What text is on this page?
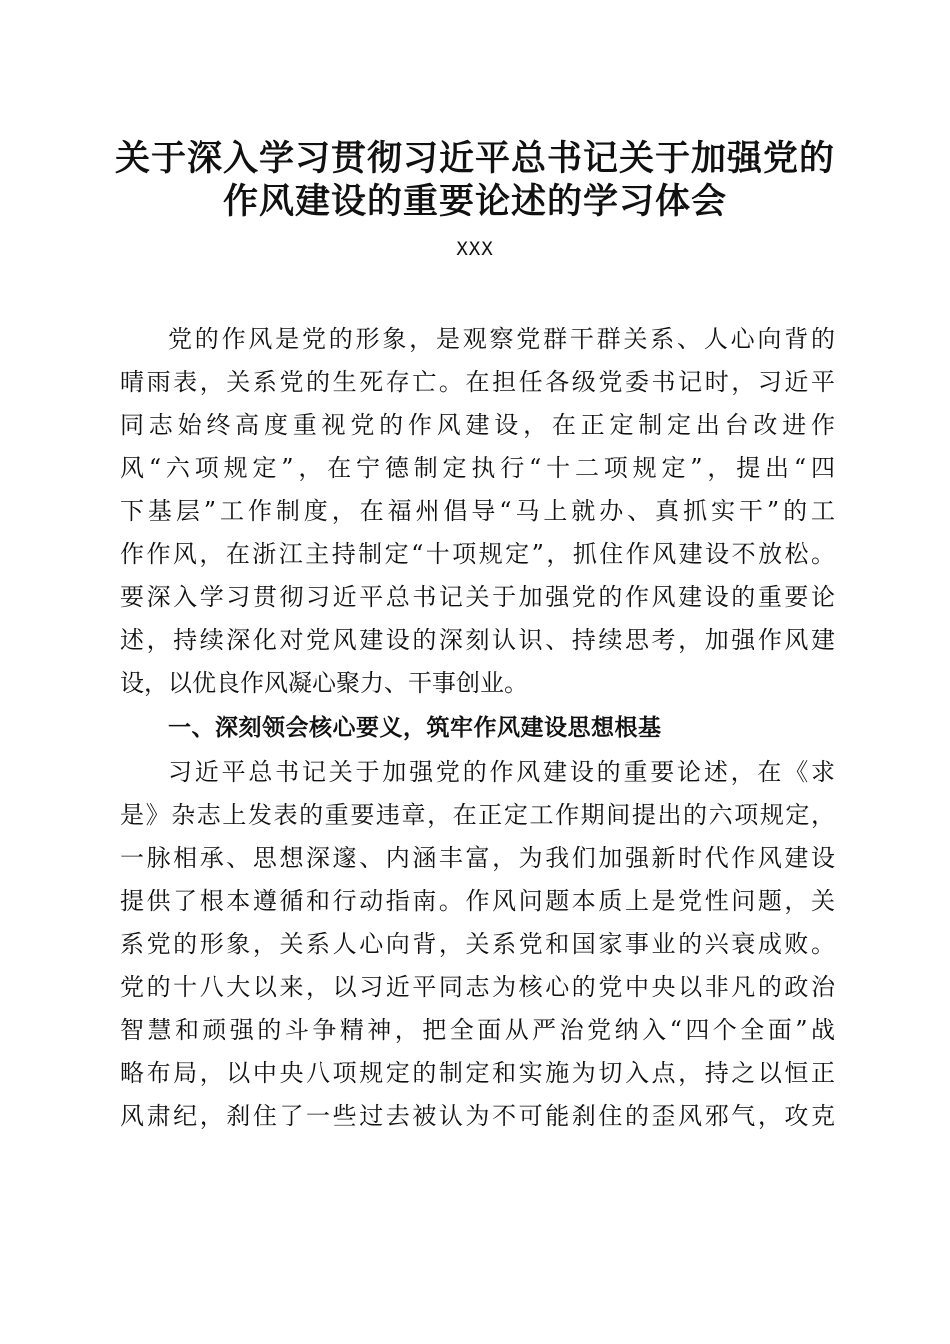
关于深入学习贯彻习近平总书记关于加强党的
作风建设的重要论述的学习体会
XXX
党的作风是党的形象，是观察党群干群关系、人心向背的
晴雨表，关系党的生死存亡。在担任各级党委书记时，习近平
同志始终高度重视党的作风建设，在正定制定出台改进作
风“六项规定”，在宁德制定执行“十二项规定”，提出“四
下基层”工作制度，在福州倡导“马上就办、真抓实干”的工
作作风，在浙江主持制定“十项规定”，抓住作风建设不放松。
要深入学习贯彻习近平总书记关于加强党的作风建设的重要论
述，持续深化对党风建设的深刻认识、持续思考，加强作风建
设，以优良作风凝心聚力、干事创业。
一、深刻领会核心要义，筑牢作风建设思想根基
习近平总书记关于加强党的作风建设的重要论述，在《求
是》杂志上发表的重要违章，在正定工作期间提出的六项规定，
一脉相承、思想深邃、内涵丰富，为我们加强新时代作风建设
提供了根本遵循和行动指南。作风问题本质上是党性问题，关
系党的形象，关系人心向背，关系党和国家事业的兴衰成败。
党的十八大以来，以习近平同志为核心的党中央以非凡的政治
智慧和顽强的斗争精神，把全面从严治党纳入“四个全面”战
略布局，以中央八项规定的制定和实施为切入点，持之以恒正
风肃纪，刹住了一些过去被认为不可能刹住的歪风邪气，攻克
